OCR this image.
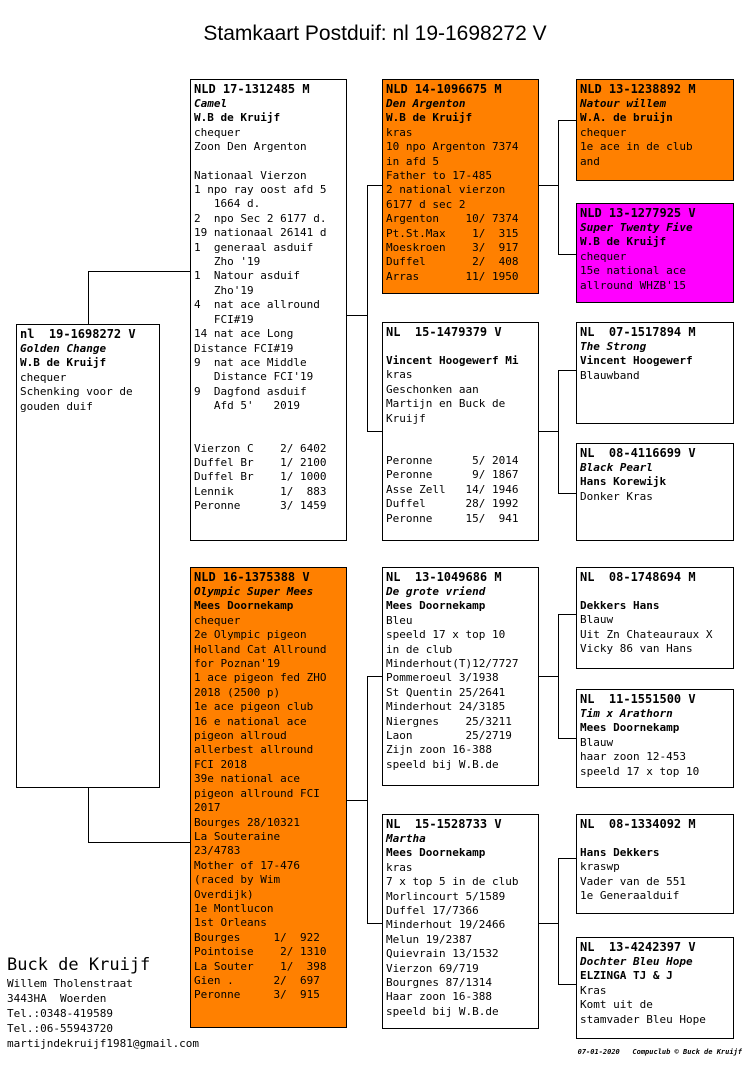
Stamkaart Postduif: nl 19-1698272 V
nl  19-1698272 V
Golden Change
W.B de Kruijf
chequer
Schenking voor de
gouden duif
NLD 17-1312485 M
Camel
W.B de Kruijf
chequer
Zoon Den Argenton
Nationaal Vierzon
1 npo ray oost afd 5
1664 d.
2  npo Sec 2 6177 d.
19 nationaal 26141 d
1  generaal asduif
Zho '19
1  Natour asduif
Zho'19
4  nat ace allround
FCI#19
14 nat ace Long
Distance FCI#19
9  nat ace Middle
Distance FCI'19
9  Dagfond asduif
Afd 5'   2019
Vierzon C    2/ 6402
Duffel Br    1/ 2100
Duffel Br    1/ 1000
Lennik       1/  883
Peronne      3/ 1459
NLD 16-1375388 V
Olympic Super Mees
Mees Doornekamp
chequer
2e Olympic pigeon
Holland Cat Allround
for Poznan'19
1 ace pigeon fed ZHO
2018 (2500 p)
1e ace pigeon club
16 e national ace
pigeon allroud
allerbest allround
FCI 2018
39e national ace
pigeon allround FCI
2017
Bourges 28/10321
La Souteraine
23/4783
Mother of 17-476
(raced by Wim
Overdijk)
1e Montlucon
1st Orleans
Bourges     1/  922
Pointoise    2/ 1310
La Souter    1/  398
Gien .      2/  697
Peronne     3/  915
NLD 14-1096675 M
Den Argenton
W.B de Kruijf
kras
10 npo Argenton 7374
in afd 5
Father to 17-485
2 national vierzon
6177 d sec 2
Argenton    10/ 7374
Pt.St.Max    1/  315
Moeskroen    3/  917
Duffel       2/  408
Arras       11/ 1950
NL  15-1479379 V
Vincent Hoogewerf Mi
kras
Geschonken aan
Martijn en Buck de
Kruijf
Peronne      5/ 2014
Peronne      9/ 1867
Asse Zell   14/ 1946
Duffel      28/ 1992
Peronne     15/  941
NL  13-1049686 M
De grote vriend
Mees Doornekamp
Bleu
speeld 17 x top 10
in de club
Minderhout(T)12/7727
Pommeroeul 3/1938
St Quentin 25/2641
Minderhout 24/3185
Niergnes    25/3211
Laon        25/2719
Zijn zoon 16-388
speeld bij W.B.de
NL  15-1528733 V
Martha
Mees Doornekamp
kras
7 x top 5 in de club
Morlincourt 5/1589
Duffel 17/7366
Minderhout 19/2466
Melun 19/2387
Quievrain 13/1532
Vierzon 69/719
Bourgnes 87/1314
Haar zoon 16-388
speeld bij W.B.de
NLD 13-1238892 M
Natour willem
W.A. de bruijn
chequer
1e ace in de club
and
NLD 13-1277925 V
Super Twenty Five
W.B de Kruijf
chequer
15e national ace
allround WHZB'15
NL  07-1517894 M
The Strong
Vincent Hoogewerf
Blauwband
NL  08-4116699 V
Black Pearl
Hans Korewijk
Donker Kras
NL  08-1748694 M
Dekkers Hans
Blauw
Uit Zn Chateauraux X
Vicky 86 van Hans
NL  11-1551500 V
Tim x Arathorn
Mees Doornekamp
Blauw
haar zoon 12-453
speeld 17 x top 10
NL  08-1334092 M
Hans Dekkers
kraswp
Vader van de 551
1e Generaalduif
NL  13-4242397 V
Dochter Bleu Hope
ELZINGA TJ & J
Kras
Komt uit de
stamvader Bleu Hope
Buck de Kruijf
Willem Tholenstraat
3443HA  Woerden
Tel.:0348-419589
Tel.:06-55943720
martijndekruijf1981@gmail.com
07-01-2020   Compuclub © Buck de Kruijf
